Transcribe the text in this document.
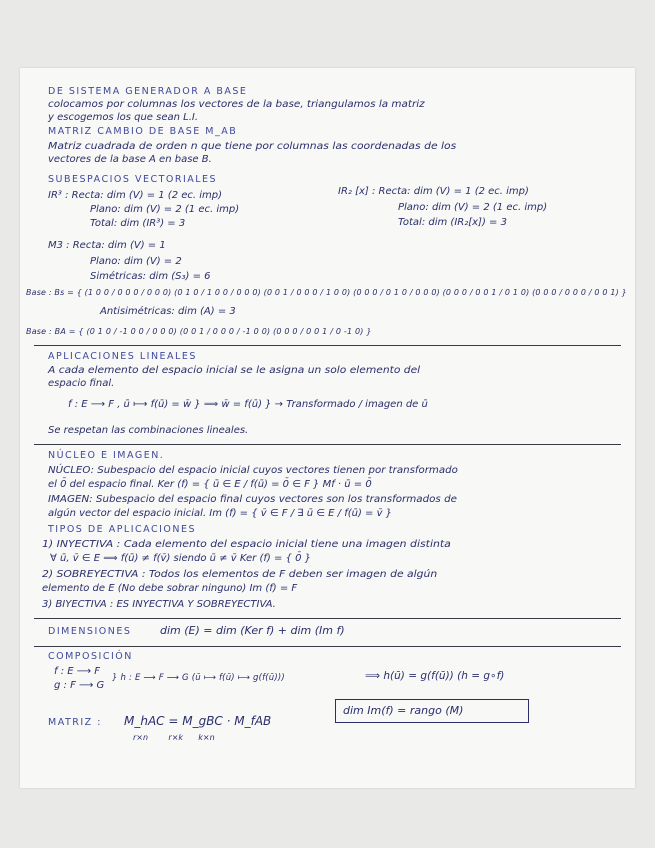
DE SISTEMA GENERADOR A BASE
colocamos por columnas los vectores de la base, triangulamos la matriz
y escogemos los que sean L.I.
MATRIZ CAMBIO DE BASE M_AB
Matriz cuadrada de orden n que tiene por columnas las coordenadas de los
vectores de la base A en base B.
SUBESPACIOS VECTORIALES
IR³ : Recta: dim (V) = 1 (2 ec. imp)
Plano: dim (V) = 2 (1 ec. imp)
Total: dim (IR³) = 3
IR₂ [x] : Recta: dim (V) = 1 (2 ec. imp)
Plano: dim (V) = 2 (1 ec. imp)
Total: dim (IR₂[x]) = 3
M3 : Recta: dim (V) = 1
Plano: dim (V) = 2
Simétricas: dim (S₃) = 6
Base : Bs = { (1 0 0 / 0 0 0 / 0 0 0) (0 1 0 / 1 0 0 / 0 0 0) (0 0 1 / 0 0 0 / 1 0 0) (0 0 0 / 0 1 0 / 0 0 0) (0 0 0 / 0 0 1 / 0 1 0) (0 0 0 / 0 0 0 / 0 0 1) }
Antisimétricas: dim (A) = 3
Base : BA = { (0 1 0 / -1 0 0 / 0 0 0) (0 0 1 / 0 0 0 / -1 0 0) (0 0 0 / 0 0 1 / 0 -1 0) }
APLICACIONES LINEALES
A cada elemento del espacio inicial se le asigna un solo elemento del
espacio final.
f : E ⟶ F , ū ⟼ f(ū) = w̄ } ⟹ w̄ = f(ū) } → Transformado / imagen de ū
Se respetan las combinaciones lineales.
NÚCLEO E IMAGEN.
NÚCLEO: Subespacio del espacio inicial cuyos vectores tienen por transformado
el 0̄ del espacio final. Ker (f) = { ū ∈ E / f(ū) = 0̄ ∈ F } Mf · ū = 0̄
IMAGEN: Subespacio del espacio final cuyos vectores son los transformados de
algún vector del espacio inicial. Im (f) = { v̄ ∈ F / ∃ ū ∈ E / f(ū) = v̄ }
TIPOS DE APLICACIONES
1) INYECTIVA : Cada elemento del espacio inicial tiene una imagen distinta
∀ ū, v̄ ∈ E ⟹ f(ū) ≠ f(v̄) siendo ū ≠ v̄ Ker (f) = { 0̄ }
2) SOBREYECTIVA : Todos los elementos de F deben ser imagen de algún
elemento de E (No debe sobrar ninguno) Im (f) = F
3) BIYECTIVA : ES INYECTIVA Y SOBREYECTIVA.
DIMENSIONES	dim (E) = dim (Ker f) + dim (Im f)
COMPOSICIÓN
f : E ⟶ F
g : F ⟶ G
} h : E ⟶ F ⟶ G (ū ⟼ f(ū) ⟼ g(f(ū)))	⟹ h(ū) = g(f(ū)) (h = g∘f)
dim Im(f) = rango (M)
MATRIZ : M_hAC = M_gBC · M_fAB
r×n        r×k      k×n
